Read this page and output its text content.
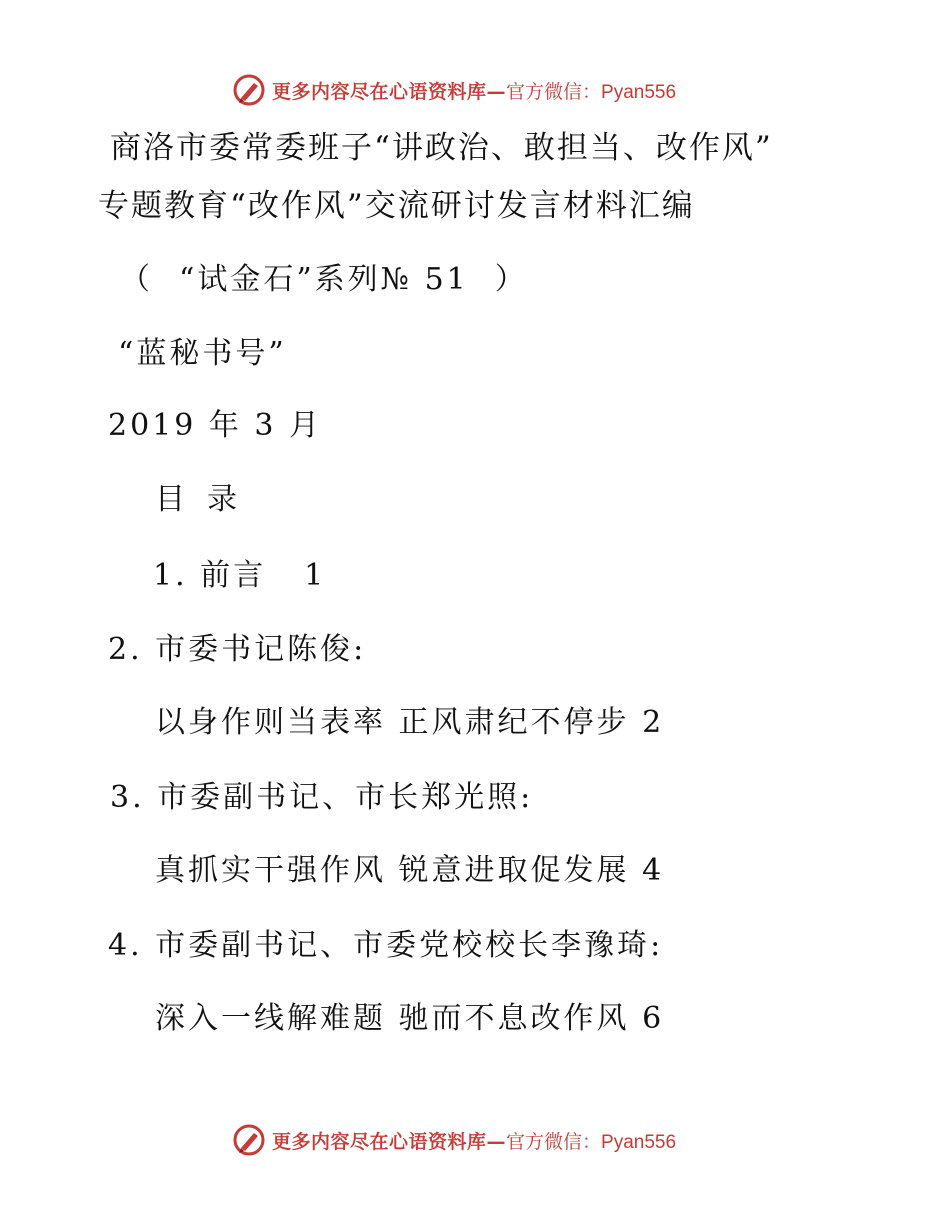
更多内容尽在心语资料库— 官方微信：Pyan556
商洛市委常委班子“讲政治、敢担当、改作风”
专题教育“改作风”交流研讨发言材料汇编
（ “试金石”系列№ 51 ）
“蓝秘书号”
2019 年 3 月
目录
1. 前言 1
2. 市委书记陈俊:
以身作则当表率 正风肃纪不停步 2
3. 市委副书记、市长郑光照:
真抓实干强作风 锐意进取促发展 4
4. 市委副书记、市委党校校长李豫琦:
深入一线解难题 驰而不息改作风 6
更多内容尽在心语资料库— 官方微信：Pyan556
